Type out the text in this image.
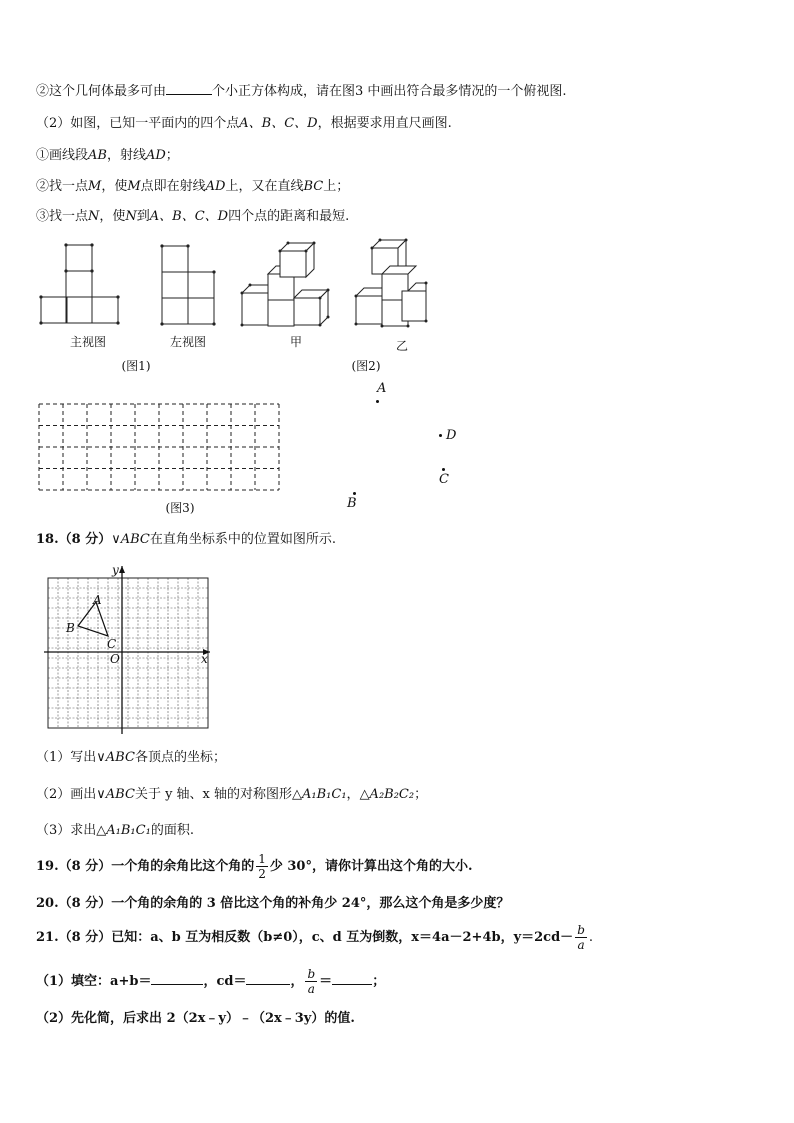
②这个几何体最多可由	个小正方体构成，请在图3 中画出符合最多情况的一个俯视图.
（2）如图，已知一平面内的四个点A、B、C、D，根据要求用直尺画图.
①画线段AB，射线AD；
②找一点M，使M点即在射线AD上，又在直线BC上；
③找一点N，使N到A、B、C、D四个点的距离和最短.
主视图	左视图	甲	乙
(图1)	(图2)
(图3)
A
D
C
B
18.（8 分）∨ABC在直角坐标系中的位置如图所示.
y
x
O
A
B
C
（1）写出∨ABC各顶点的坐标；
（2）画出∨ABC关于 y 轴、x 轴的对称图形△A₁B₁C₁，△A₂B₂C₂；
（3）求出△A₁B₁C₁的面积.
19.（8 分）一个角的余角比这个角的 $\frac{1}{2}$ 少 30°，请你计算出这个角的大小.
20.（8 分）一个角的余角的 3 倍比这个角的补角少 24°，那么这个角是多少度？
21.（8 分）已知：a、b 互为相反数（b≠0），c、d 互为倒数，x＝4a－2+4b，$y=2cd- \frac{b}{a}$ .
（1）填空：a+b＝	，cd＝	， $\frac{b}{a}$ ＝	；
（2）先化简，后求出 2（2x﹣y）﹣（2x﹣3y）的值.
